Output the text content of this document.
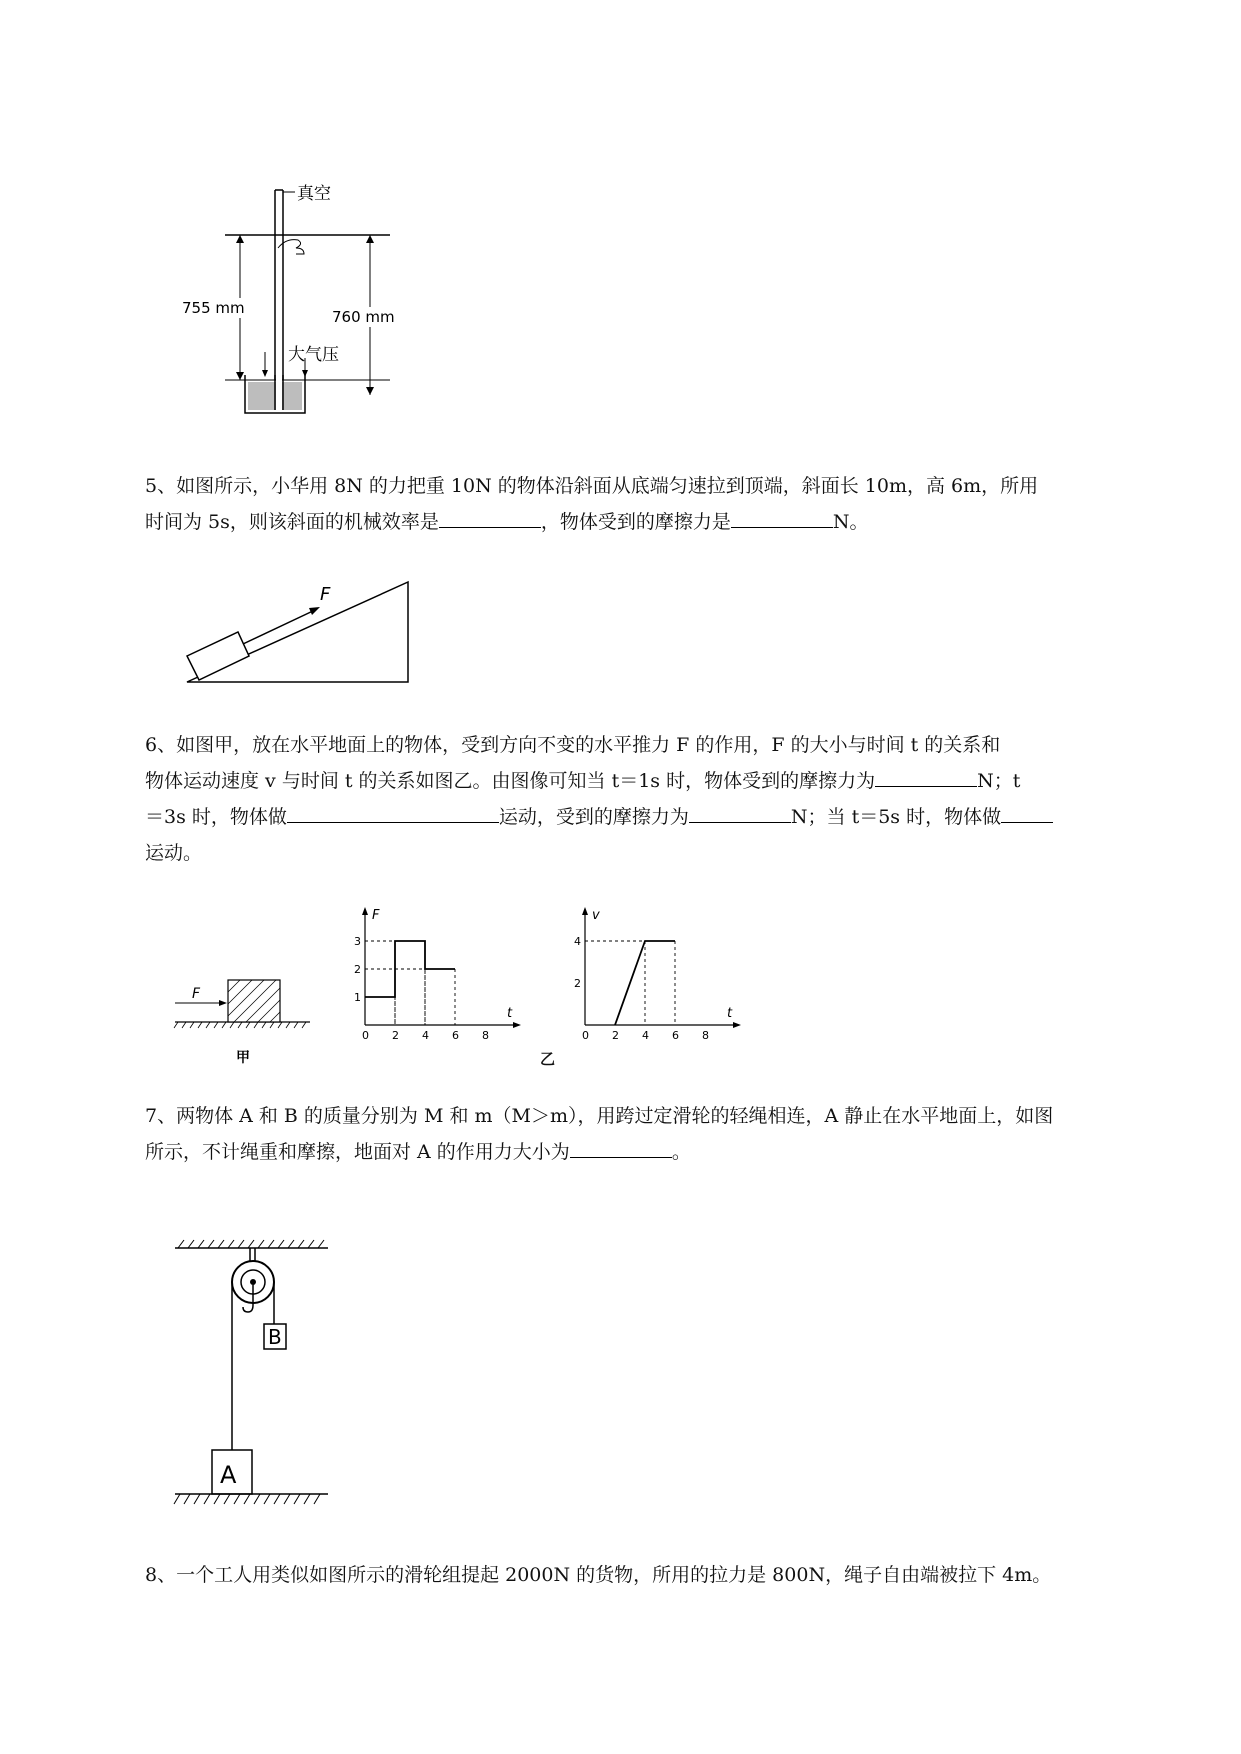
真空
755 mm	760 mm
大气压

5、如图所示，小华用 8N 的力把重 10N 的物体沿斜面从底端匀速拉到顶端，斜面长 10m，高 6m，所用

时间为 5s，则该斜面的机械效率是	，物体受到的摩擦力是	N。

F

6、如图甲，放在水平地面上的物体，受到方向不变的水平推力 F 的作用，F 的大小与时间 t 的关系和

物体运动速度 v 与时间 t 的关系如图乙。由图像可知当 t＝1s 时，物体受到的摩擦力为	N；t

＝3s 时，物体做	运动，受到的摩擦力为	N；当 t＝5s 时，物体做

运动。

F
甲
F
t
0 2 4 6 8
1
2
3
v
t
0 2 4 6 8
2
4
乙

7、两物体 A 和 B 的质量分别为 M 和 m（M＞m），用跨过定滑轮的轻绳相连，A 静止在水平地面上，如图

所示，不计绳重和摩擦，地面对 A 的作用力大小为	。

B
A

8、一个工人用类似如图所示的滑轮组提起 2000N 的货物，所用的拉力是 800N，绳子自由端被拉下 4m。
